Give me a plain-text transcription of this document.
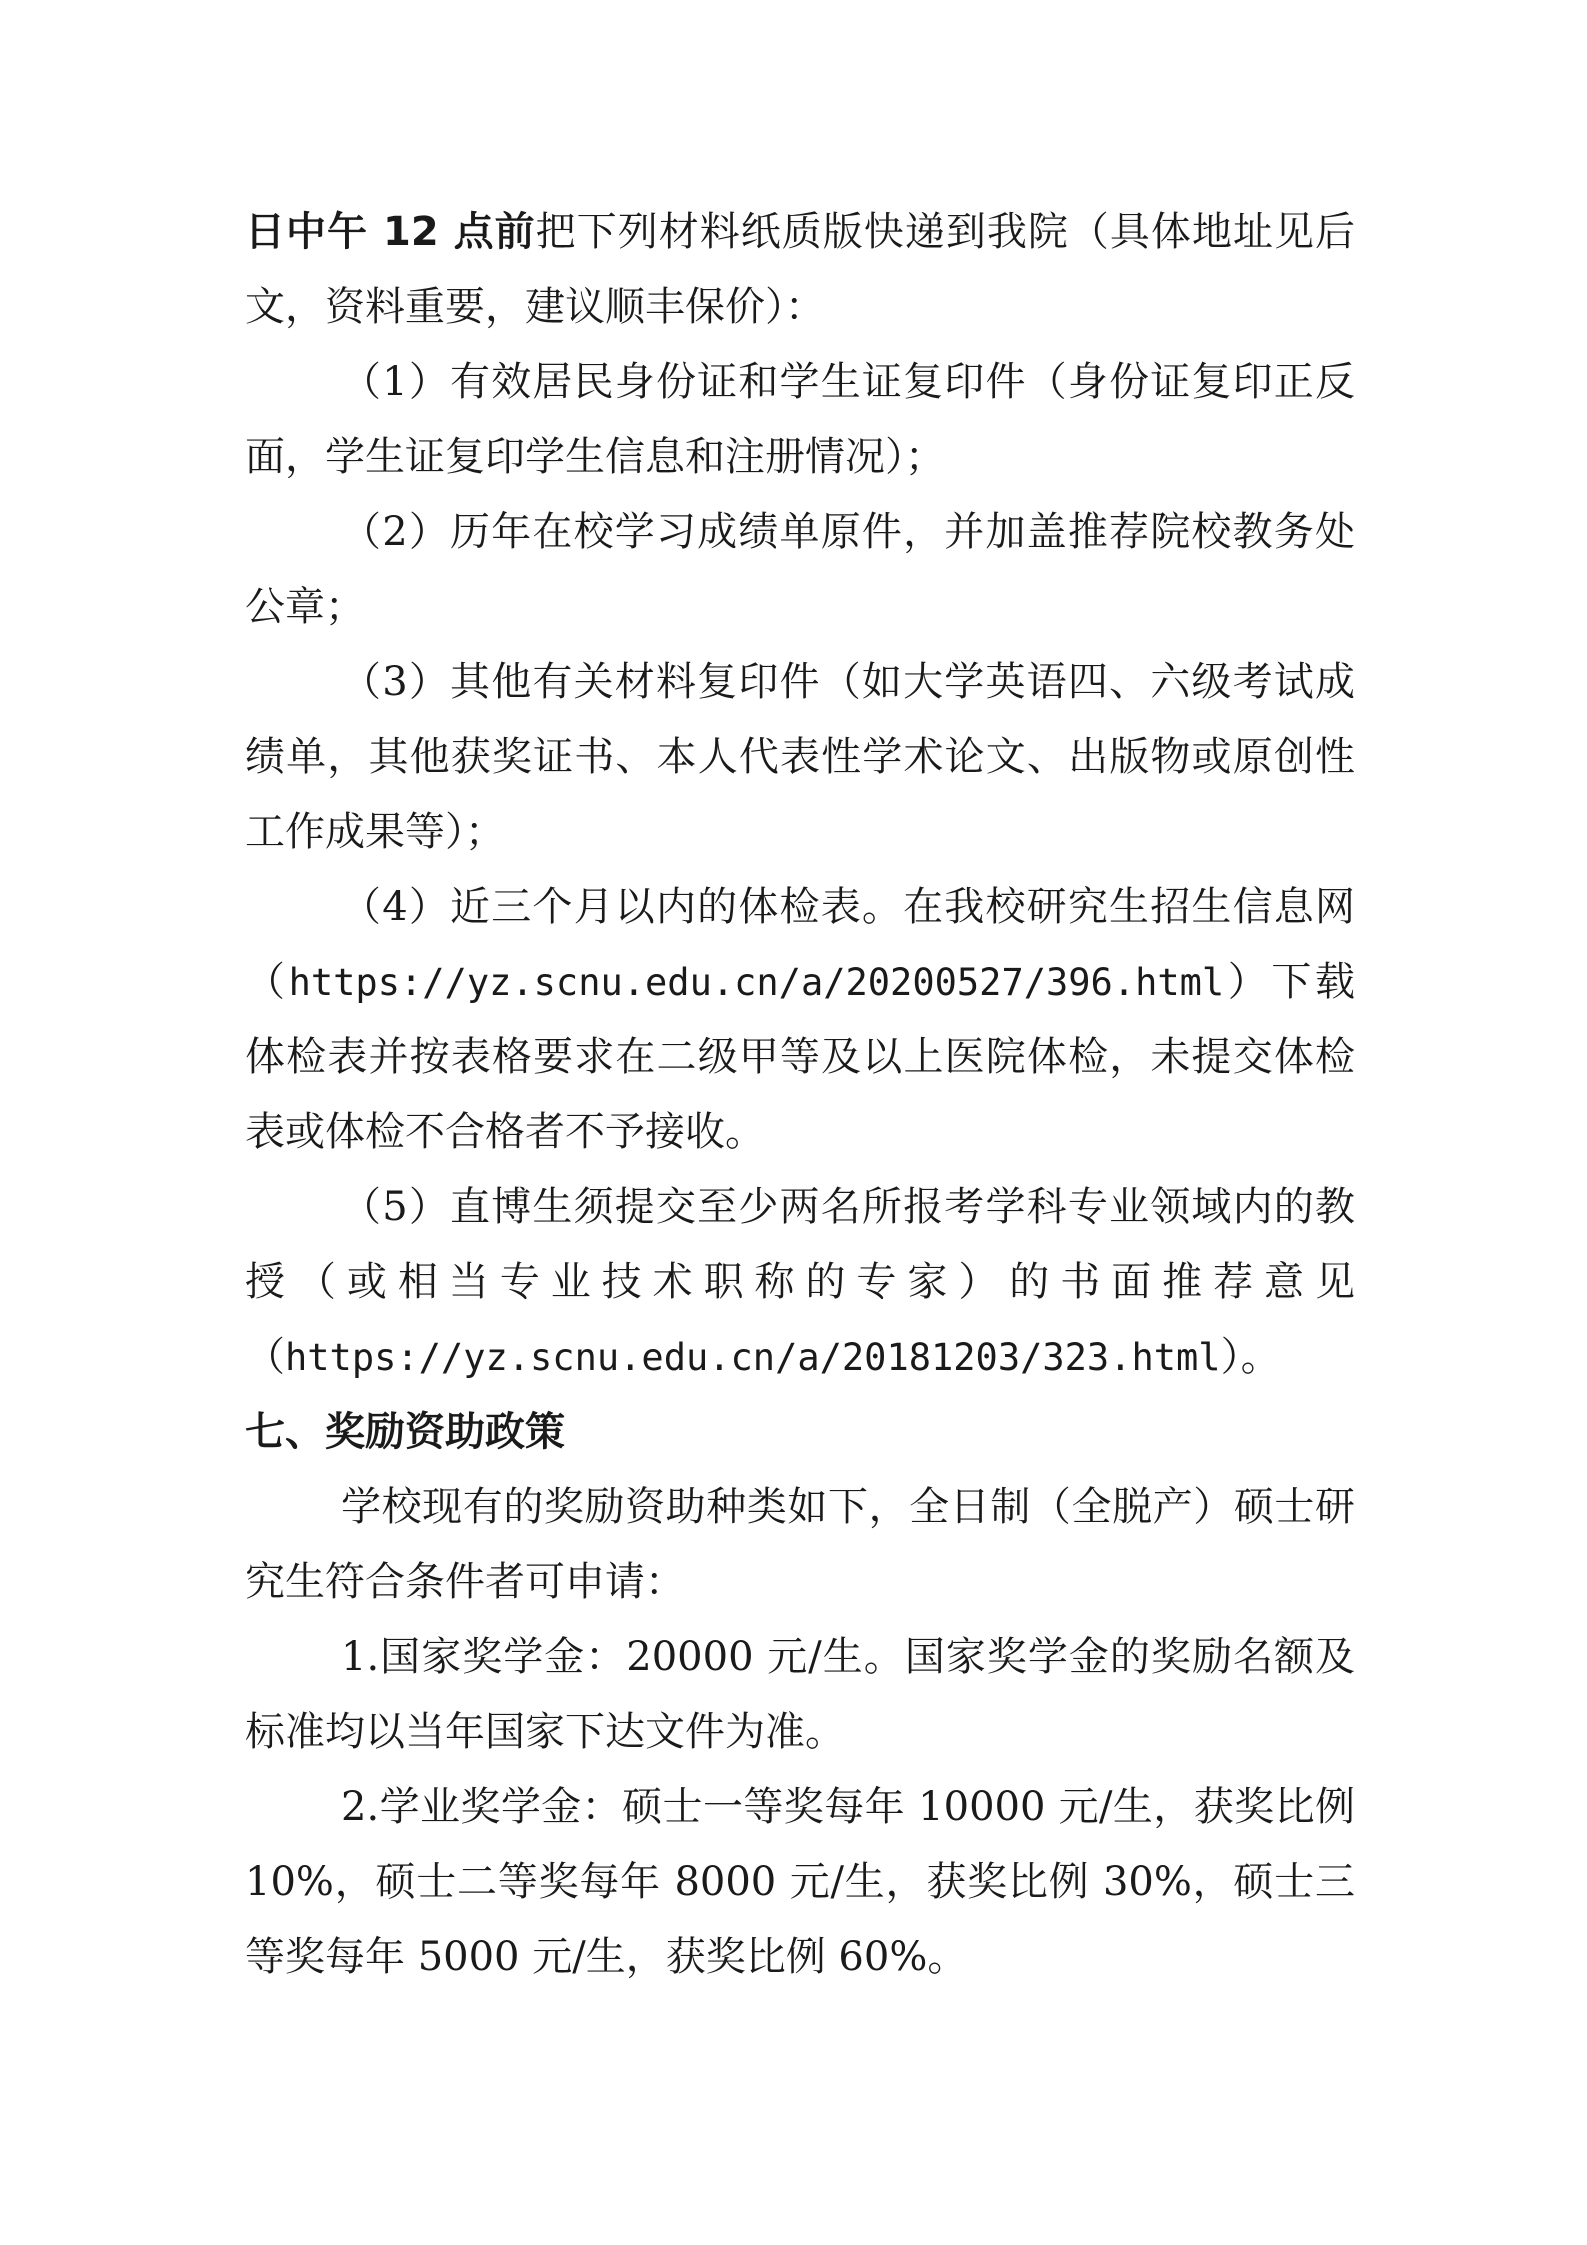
日中午 12 点前把下列材料纸质版快递到我院（具体地址见后文，资料重要，建议顺丰保价）：

（1）有效居民身份证和学生证复印件（身份证复印正反面，学生证复印学生信息和注册情况）；

（2）历年在校学习成绩单原件，并加盖推荐院校教务处公章；

（3）其他有关材料复印件（如大学英语四、六级考试成绩单，其他获奖证书、本人代表性学术论文、出版物或原创性工作成果等）；

（4）近三个月以内的体检表。在我校研究生招生信息网（https://yz.scnu.edu.cn/a/20200527/396.html）下载体检表并按表格要求在二级甲等及以上医院体检，未提交体检表或体检不合格者不予接收。

（5）直博生须提交至少两名所报考学科专业领域内的教授（或相当专业技术职称的专家）的书面推荐意见（https://yz.scnu.edu.cn/a/20181203/323.html）。

七、奖励资助政策

学校现有的奖励资助种类如下，全日制（全脱产）硕士研究生符合条件者可申请：

1.国家奖学金：20000 元/生。国家奖学金的奖励名额及标准均以当年国家下达文件为准。

2.学业奖学金：硕士一等奖每年 10000 元/生，获奖比例 10%，硕士二等奖每年 8000 元/生，获奖比例 30%，硕士三等奖每年 5000 元/生，获奖比例 60%。
